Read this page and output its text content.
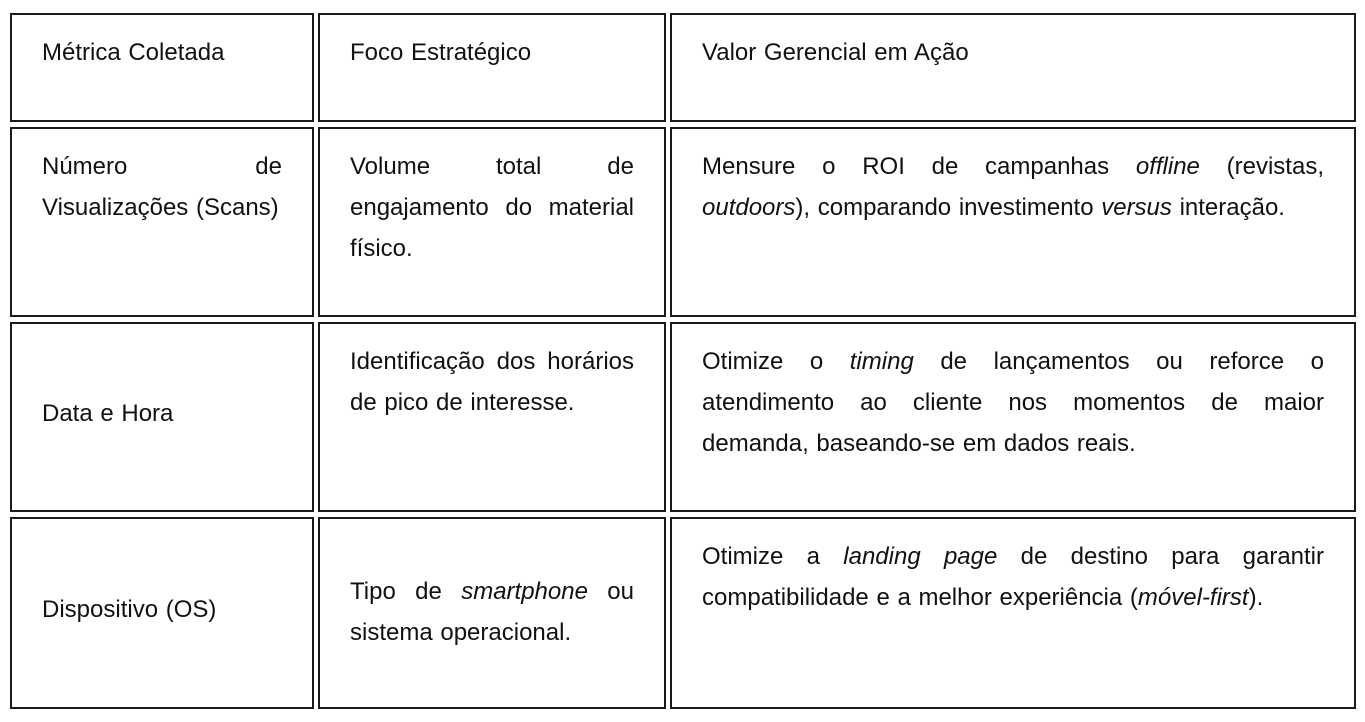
Métrica Coletada	Foco Estratégico	Valor Gerencial em Ação
Número de Visualizações (Scans)
Volume total de engajamento do material físico.
Mensure o ROI de campanhas offline (revistas, outdoors), comparando investimento versus interação.
Data e Hora
Identificação dos horários de pico de interesse.
Otimize o timing de lançamentos ou reforce o atendimento ao cliente nos momentos de maior demanda, baseando-se em dados reais.
Dispositivo (OS)
Tipo de smartphone ou sistema operacional.
Otimize a landing page de destino para garantir compatibilidade e a melhor experiência (móvel-first).
